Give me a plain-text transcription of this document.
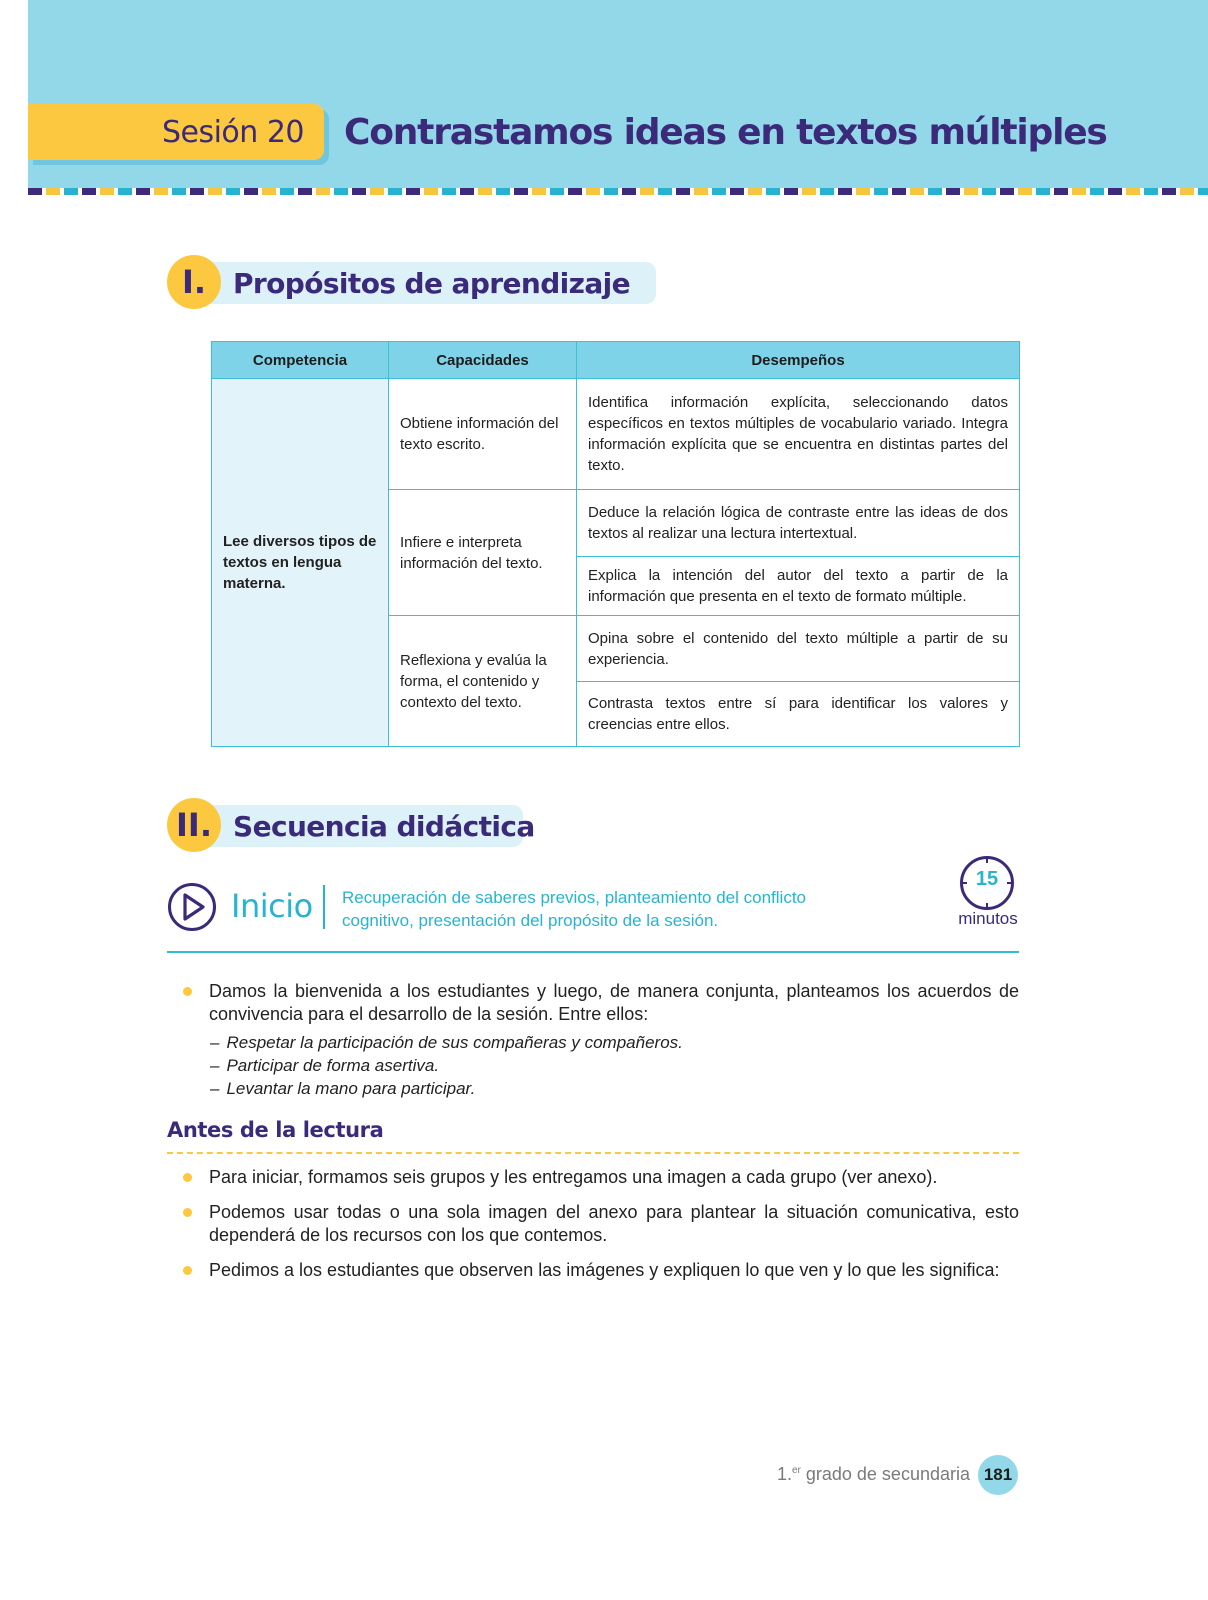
Sesión 20 Contrastamos ideas en textos múltiples
Propósitos de aprendizaje
I.
Competencia	Capacidades	Desempeños
Lee diversos tipos de textos en lengua materna.	Obtiene información del texto escrito.	Identifica información explícita, seleccionando datos específicos en textos múltiples de vocabulario variado. Integra información explícita que se encuentra en distintas partes del texto.
	Infiere e interpreta información del texto.	Deduce la relación lógica de contraste entre las ideas de dos textos al realizar una lectura intertextual.
		Explica la intención del autor del texto a partir de la información que presenta en el texto de formato múltiple.
	Reflexiona y evalúa la forma, el contenido y contexto del texto.	Opina sobre el contenido del texto múltiple a partir de su experiencia.
		Contrasta textos entre sí para identificar los valores y creencias entre ellos.
Secuencia didáctica
II.
Inicio Recuperación de saberes previos, planteamiento del conflicto cognitivo, presentación del propósito de la sesión.
15
minutos
Damos la bienvenida a los estudiantes y luego, de manera conjunta, planteamos los acuerdos de convivencia para el desarrollo de la sesión. Entre ellos:
– Respetar la participación de sus compañeras y compañeros.
– Participar de forma asertiva.
– Levantar la mano para participar.
Antes de la lectura
Para iniciar, formamos seis grupos y les entregamos una imagen a cada grupo (ver anexo).
Podemos usar todas o una sola imagen del anexo para plantear la situación comunicativa, esto dependerá de los recursos con los que contemos.
Pedimos a los estudiantes que observen las imágenes y expliquen lo que ven y lo que les significa:
1.$^{er}$ grado de secundaria 181
